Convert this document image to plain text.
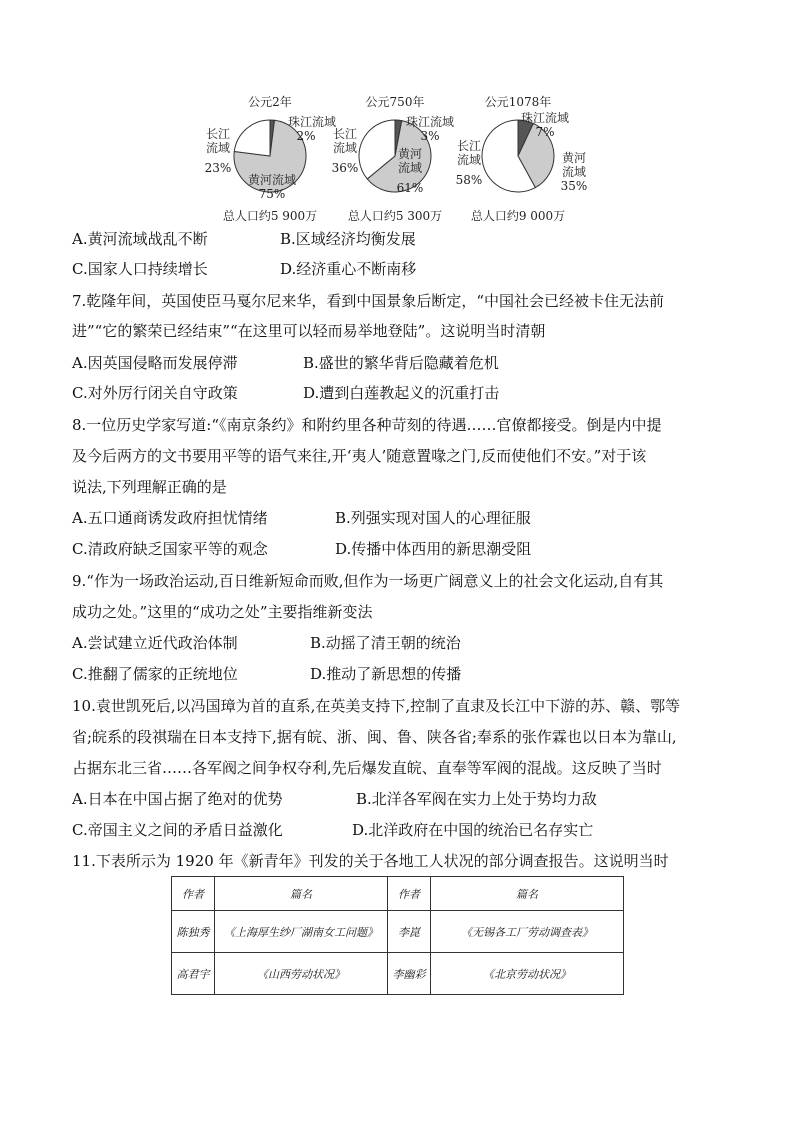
公元2年
长江
流域
23%
珠江流域
2%
黄河流域
75%
总人口约5 900万
公元750年
长江
流域
36%
珠江流域
3%
黄河
流域
61%
总人口约5 300万
公元1078年
长江
流域
58%
珠江流域
7%
黄河
流域
35%
总人口约9 000万
A.黄河流域战乱不断	B.区域经济均衡发展
C.国家人口持续增长	D.经济重心不断南移
7.乾隆年间，英国使臣马戛尔尼来华，看到中国景象后断定，“中国社会已经被卡住无法前
进”“它的繁荣已经结束”“在这里可以轻而易举地登陆”。这说明当时清朝
A.因英国侵略而发展停滞	B.盛世的繁华背后隐藏着危机
C.对外厉行闭关自守政策	D.遭到白莲教起义的沉重打击
8.一位历史学家写道:“《南京条约》和附约里各种苛刻的待遇……官僚都接受。倒是内中提
及今后两方的文书要用平等的语气来往,开‘夷人’随意置喙之门,反而使他们不安。”对于该
说法,下列理解正确的是
A.五口通商诱发政府担忧情绪	B.列强实现对国人的心理征服
C.清政府缺乏国家平等的观念	D.传播中体西用的新思潮受阻
9.“作为一场政治运动,百日维新短命而败,但作为一场更广阔意义上的社会文化运动,自有其
成功之处。”这里的“成功之处”主要指维新变法
A.尝试建立近代政治体制	B.动摇了清王朝的统治
C.推翻了儒家的正统地位	D.推动了新思想的传播
10.袁世凯死后,以冯国璋为首的直系,在英美支持下,控制了直隶及长江中下游的苏、赣、鄂等
省;皖系的段祺瑞在日本支持下,据有皖、浙、闽、鲁、陕各省;奉系的张作霖也以日本为靠山,
占据东北三省……各军阀之间争权夺利,先后爆发直皖、直奉等军阀的混战。这反映了当时
A.日本在中国占据了绝对的优势	B.北洋各军阀在实力上处于势均力敌
C.帝国主义之间的矛盾日益激化	D.北洋政府在中国的统治已名存实亡
11.下表所示为 1920 年《新青年》刊发的关于各地工人状况的部分调查报告。这说明当时
作者	篇名	作者	篇名
陈独秀	《上海厚生纱厂湖南女工问题》	李崑	《无锡各工厂劳动调查表》
高君宇	《山西劳动状况》	李幽彩	《北京劳动状况》
